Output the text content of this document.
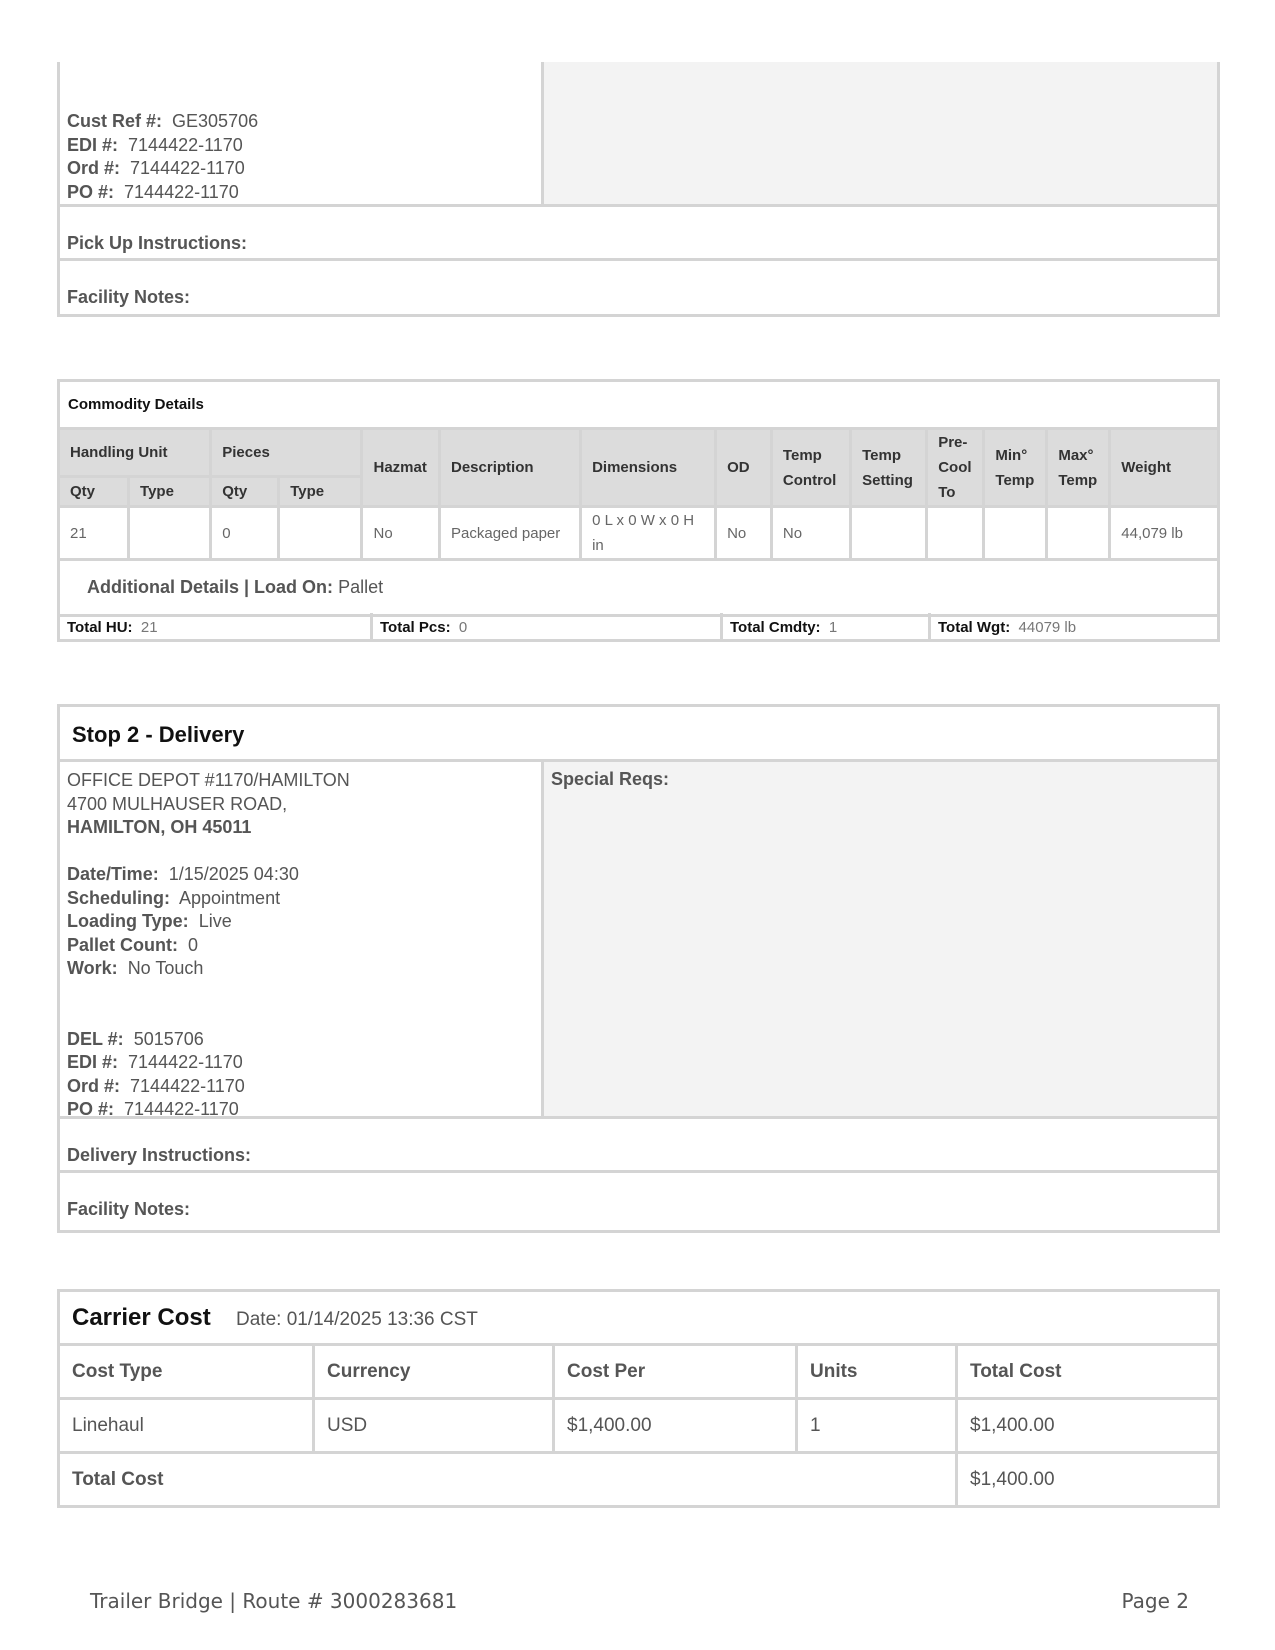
Cust Ref #: GE305706
EDI #: 7144422-1170
Ord #: 7144422-1170
PO #: 7144422-1170
Pick Up Instructions:
Facility Notes:
Commodity Details													
Handling Unit		Pieces		Hazmat	Description	Dimensions	OD	Temp Control	Temp Setting	Pre- Cool To	Min° Temp	Max° Temp	Weight
Qty	Type	Qty	Type										
21		0		No	Packaged paper	0 L x 0 W x 0 H in	No	No					44,079 lb
Additional Details | Load On: Pallet													
Total HU: 21	Total Pcs: 0	Total Cmdty: 1	Total Wgt: 44079 lb
Stop 2 - Delivery
OFFICE DEPOT #1170/HAMILTON
4700 MULHAUSER ROAD,
HAMILTON, OH 45011
Date/Time: 1/15/2025 04:30
Scheduling: Appointment
Loading Type: Live
Pallet Count: 0
Work: No Touch
DEL #: 5015706
EDI #: 7144422-1170
Ord #: 7144422-1170
PO #: 7144422-1170
Special Reqs:
Delivery Instructions:
Facility Notes:
Carrier Cost Date: 01/14/2025 13:36 CST				
Cost Type	Currency	Cost Per	Units	Total Cost
Linehaul	USD	$1,400.00	1	$1,400.00
Total Cost				$1,400.00
Trailer Bridge | Route # 3000283681	Page 2
